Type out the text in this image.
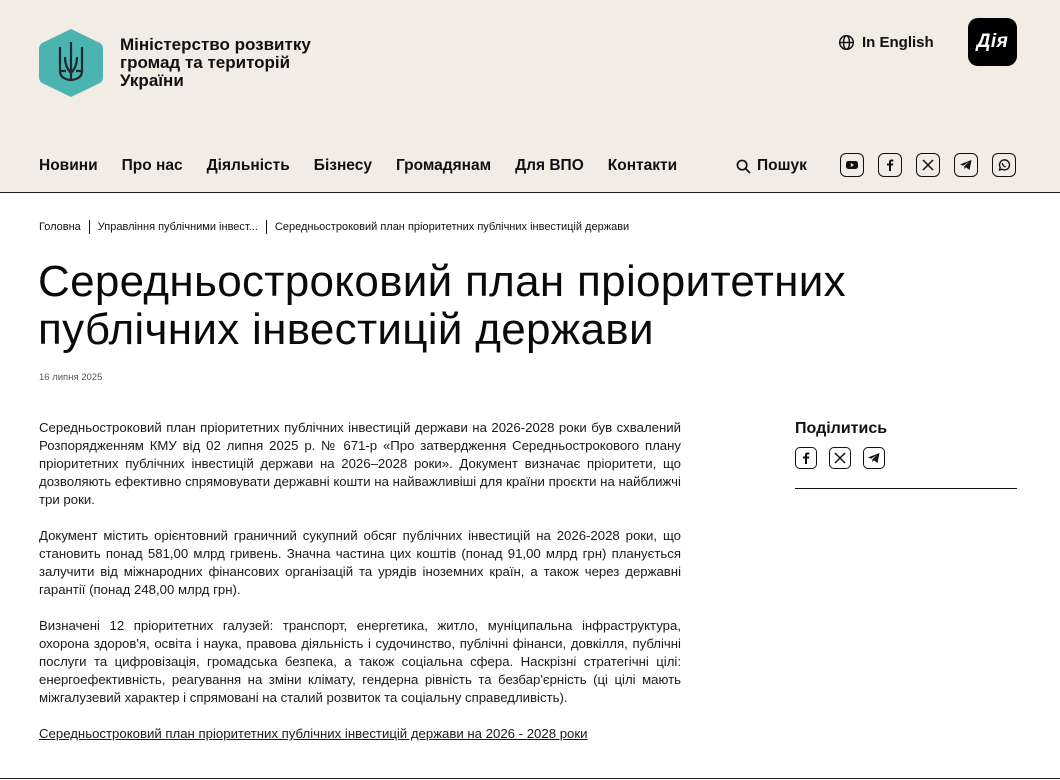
Міністерство розвитку
громад та територій
України
In English	Дія
Новини Про нас Діяльність Бізнесу Громадянам Для ВПО Контакти	Пошук
Головна Управління публічними інвест... Середньостроковий план пріоритетних публічних інвестицій держави
Середньостроковий план пріоритетних публічних інвестицій держави
16 липня 2025

Середньостроковий план пріоритетних публічних інвестицій держави на 2026-2028 роки був схвалений Розпорядженням КМУ від 02 липня 2025 р. № 671-р «Про затвердження Середньострокового плану пріоритетних публічних інвестицій держави на 2026–2028 роки». Документ визначає пріоритети, що дозволяють ефективно спрямовувати державні кошти на найважливіші для країни проєкти на найближчі три роки.

Документ містить орієнтовний граничний сукупний обсяг публічних інвестицій на 2026-2028 роки, що становить понад 581,00 млрд гривень. Значна частина цих коштів (понад 91,00 млрд грн) планується залучити від міжнародних фінансових організацій та урядів іноземних країн, а також через державні гарантії (понад 248,00 млрд грн).

Визначені 12 пріоритетних галузей: транспорт, енергетика, житло, муніципальна інфраструктура, охорона здоров'я, освіта і наука, правова діяльність і судочинство, публічні фінанси, довкілля, публічні послуги та цифровізація, громадська безпека, а також соціальна сфера. Наскрізні стратегічні цілі: енергоефективність, реагування на зміни клімату, гендерна рівність та безбар'єрність (ці цілі мають міжгалузевий характер і спрямовані на сталий розвиток та соціальну справедливість).

Середньостроковий план пріоритетних публічних інвестицій держави на 2026 - 2028 роки

Поділитись
